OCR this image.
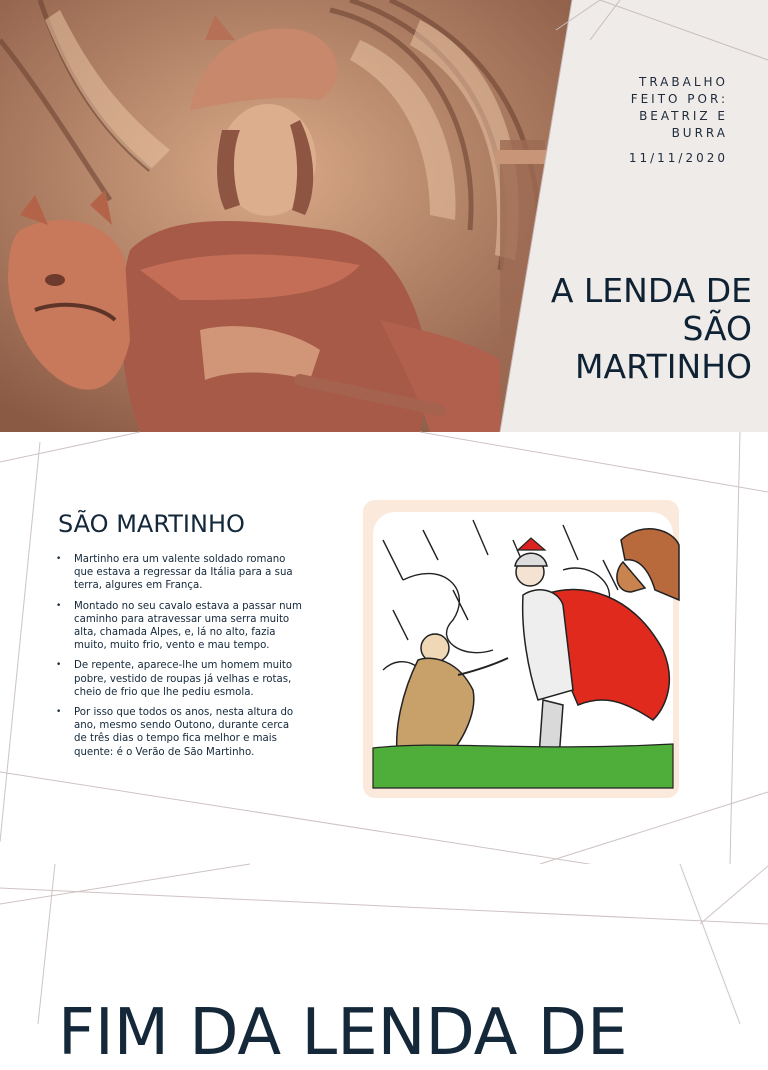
TRABALHO
FEITO POR:
BEATRIZ E
BURRA
11/11/2020
A LENDA DE SÃO MARTINHO
SÃO MARTINHO
• Martinho era um valente soldado romano que estava a regressar da Itália para a sua terra, algures em França.
• Montado no seu cavalo estava a passar num caminho para atravessar uma serra muito alta, chamada Alpes, e, lá no alto, fazia muito, muito frio, vento e mau tempo.
• De repente, aparece-lhe um homem muito pobre, vestido de roupas já velhas e rotas, cheio de frio que lhe pediu esmola.
• Por isso que todos os anos, nesta altura do ano, mesmo sendo Outono, durante cerca de três dias o tempo fica melhor e mais quente: é o Verão de São Martinho.
FIM DA LENDA DE
